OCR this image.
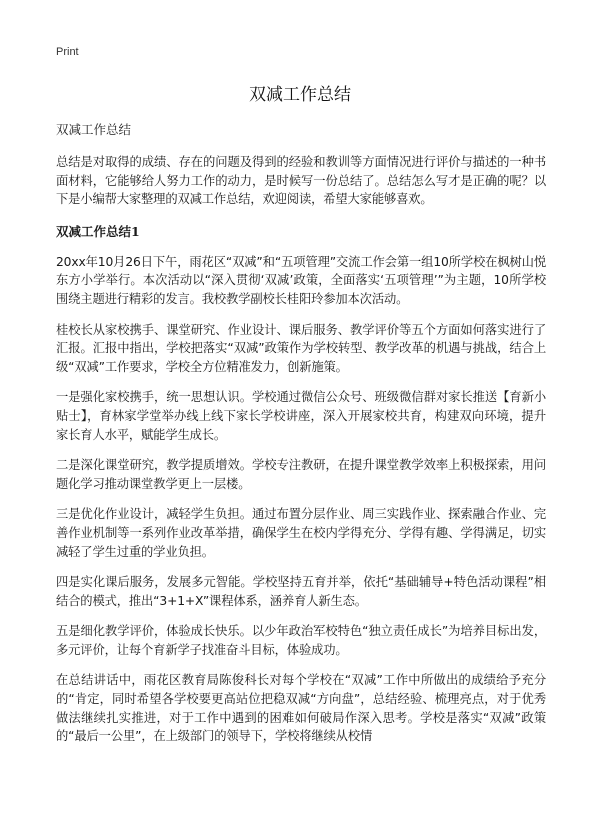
Print
双减工作总结

双减工作总结

总结是对取得的成绩、存在的问题及得到的经验和教训等方面情况进行评价与描述的一种书面材料，它能够给人努力工作的动力，是时候写一份总结了。总结怎么写才是正确的呢？以下是小编帮大家整理的双减工作总结，欢迎阅读，希望大家能够喜欢。

双减工作总结1

20xx年10月26日下午，雨花区“双减”和“五项管理”交流工作会第一组10所学校在枫树山悦东方小学举行。本次活动以“深入贯彻‘双减’政策，全面落实‘五项管理’”为主题，10所学校围绕主题进行精彩的发言。我校教学副校长桂阳玲参加本次活动。

桂校长从家校携手、课堂研究、作业设计、课后服务、教学评价等五个方面如何落实进行了汇报。汇报中指出，学校把落实“双减”政策作为学校转型、教学改革的机遇与挑战，结合上级“双减”工作要求，学校全方位精准发力，创新施策。

一是强化家校携手，统一思想认识。学校通过微信公众号、班级微信群对家长推送【育新小贴士】，育林家学堂举办线上线下家长学校讲座，深入开展家校共育，构建双向环境，提升家长育人水平，赋能学生成长。

二是深化课堂研究，教学提质增效。学校专注教研，在提升课堂教学效率上积极探索，用问题化学习推动课堂教学更上一层楼。

三是优化作业设计，减轻学生负担。通过布置分层作业、周三实践作业、探索融合作业、完善作业机制等一系列作业改革举措，确保学生在校内学得充分、学得有趣、学得满足，切实减轻了学生过重的学业负担。

四是实化课后服务，发展多元智能。学校坚持五育并举，依托“基础辅导+特色活动课程”相结合的模式，推出“3+1+X”课程体系，涵养育人新生态。

五是细化教学评价，体验成长快乐。以少年政治军校特色“独立责任成长”为培养目标出发，多元评价，让每个育新学子找准奋斗目标，体验成功。

在总结讲话中，雨花区教育局陈俊科长对每个学校在“双减”工作中所做出的成绩给予充分的“肯定，同时希望各学校要更高站位把稳双减“方向盘”，总结经验、梳理亮点，对于优秀做法继续扎实推进，对于工作中遇到的困难如何破局作深入思考。学校是落实“双减”政策的“最后一公里”，在上级部门的领导下，学校将继续从校情
